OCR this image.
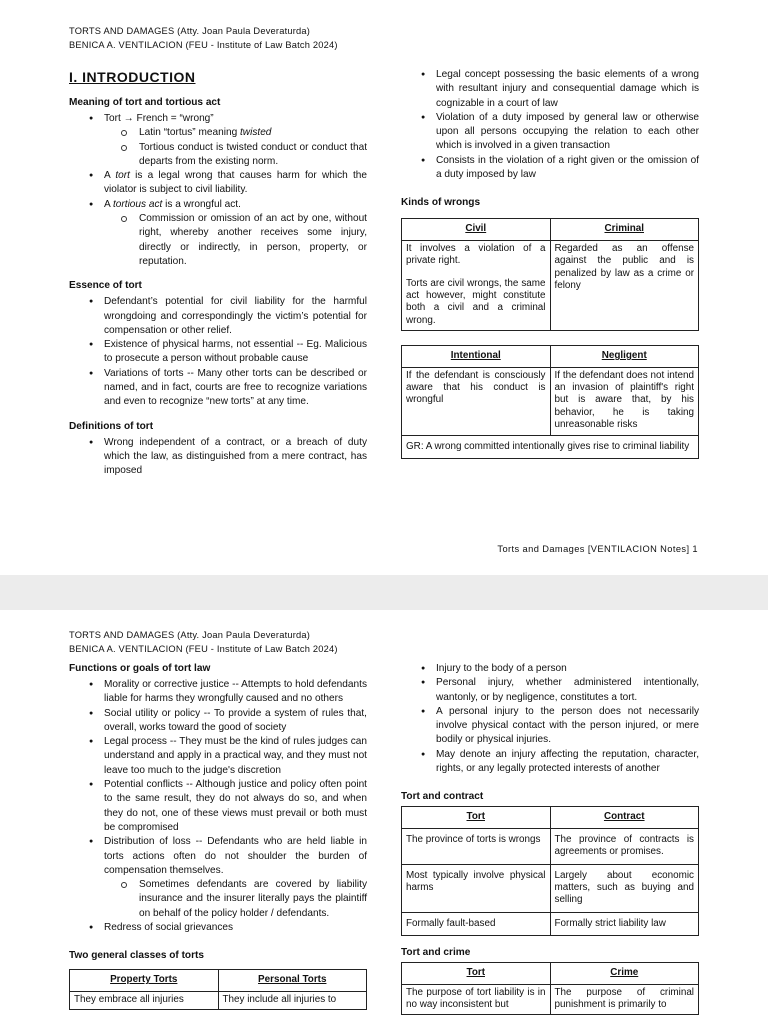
TORTS AND DAMAGES (Atty. Joan Paula Deveraturda)
BENICA A. VENTILACION (FEU - Institute of Law Batch 2024)
I. INTRODUCTION
Meaning of tort and tortious act
● Tort → French = “wrong”
Latin “tortus” meaning twisted
Tortious conduct is twisted conduct or conduct that departs from the existing norm.
● A tort is a legal wrong that causes harm for which the violator is subject to civil liability.
● A tortious act is a wrongful act.
Commission or omission of an act by one, without right, whereby another receives some injury, directly or indirectly, in person, property, or reputation.
Essence of tort
● Defendant’s potential for civil liability for the harmful wrongdoing and correspondingly the victim’s potential for compensation or other relief.
● Existence of physical harms, not essential -- Eg. Malicious to prosecute a person without probable cause
● Variations of torts -- Many other torts can be described or named, and in fact, courts are free to recognize variations and even to recognize “new torts” at any time.
Definitions of tort
● Wrong independent of a contract, or a breach of duty which the law, as distinguished from a mere contract, has imposed
● Legal concept possessing the basic elements of a wrong with resultant injury and consequential damage which is cognizable in a court of law
● Violation of a duty imposed by general law or otherwise upon all persons occupying the relation to each other which is involved in a given transaction
● Consists in the violation of a right given or the omission of a duty imposed by law
Kinds of wrongs
Civil	Criminal

It involves a violation of a private right.

Torts are civil wrongs, the same act however, might constitute both a civil and a criminal wrong.	Regarded as an offense against the public and is penalized by law as a crime or felony
Intentional	Negligent
If the defendant is consciously aware that his conduct is wrongful	If the defendant does not intend an invasion of plaintiff's right but is aware that, by his behavior, he is taking unreasonable risks
GR: A wrong committed intentionally gives rise to criminal liability	
Torts and Damages [VENTILACION Notes] 1
TORTS AND DAMAGES (Atty. Joan Paula Deveraturda)
BENICA A. VENTILACION (FEU - Institute of Law Batch 2024)
Functions or goals of tort law
● Morality or corrective justice -- Attempts to hold defendants liable for harms they wrongfully caused and no others
● Social utility or policy -- To provide a system of rules that, overall, works toward the good of society
● Legal process -- They must be the kind of rules judges can understand and apply in a practical way, and they must not leave too much to the judge's discretion
● Potential conflicts -- Although justice and policy often point to the same result, they do not always do so, and when they do not, one of these views must prevail or both must be compromised
● Distribution of loss -- Defendants who are held liable in torts actions often do not shoulder the burden of compensation themselves.
Sometimes defendants are covered by liability insurance and the insurer literally pays the plaintiff on behalf of the policy holder / defendants.
● Redress of social grievances
Two general classes of torts
Property Torts	Personal Torts
They embrace all injuries	They include all injuries to
● Injury to the body of a person
● Personal injury, whether administered intentionally, wantonly, or by negligence, constitutes a tort.
● A personal injury to the person does not necessarily involve physical contact with the person injured, or mere bodily or physical injuries.
● May denote an injury affecting the reputation, character, rights, or any legally protected interests of another
Tort and contract
Tort	Contract
The province of torts is wrongs	The province of contracts is agreements or promises.
Most typically involve physical harms	Largely about economic matters, such as buying and selling
Formally fault-based	Formally strict liability law
Tort and crime
Tort	Crime
The purpose of tort liability is in no way inconsistent but	The purpose of criminal punishment is primarily to
